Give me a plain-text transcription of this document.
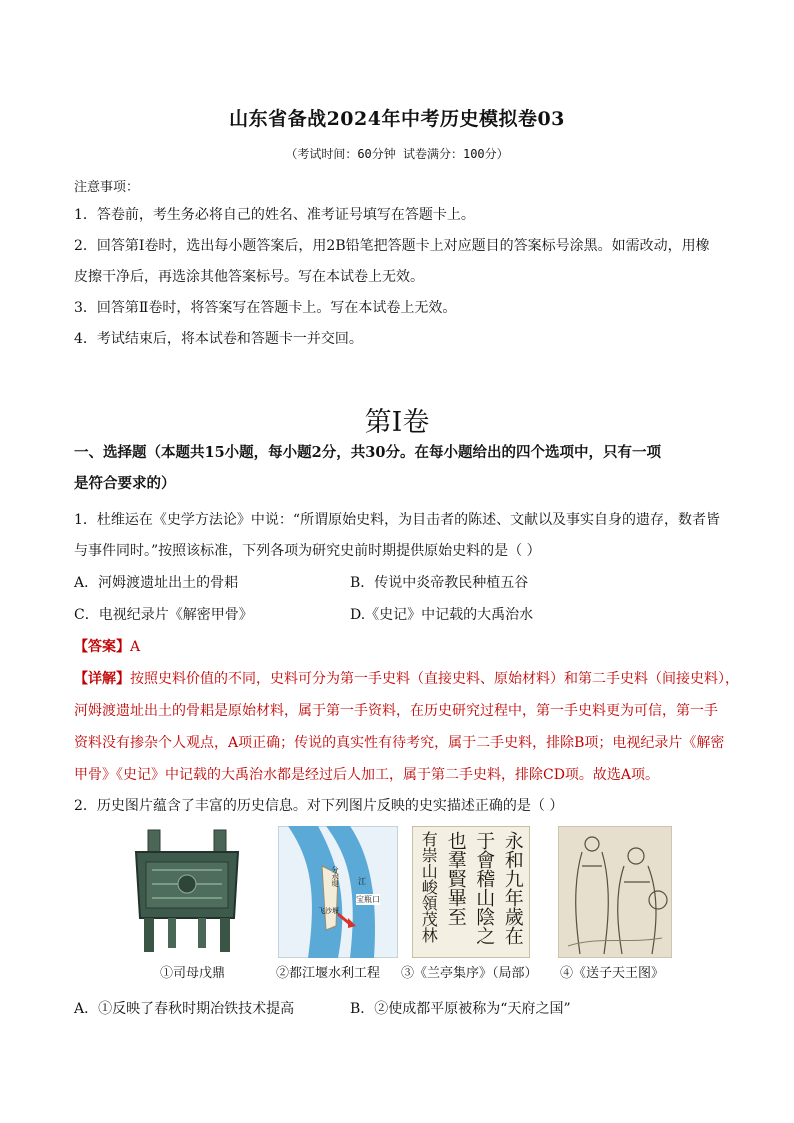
山东省备战2024年中考历史模拟卷03
（考试时间：60分钟 试卷满分：100分）
注意事项：
1．答卷前，考生务必将自己的姓名、准考证号填写在答题卡上。
2．回答第Ⅰ卷时，选出每小题答案后，用2B铅笔把答题卡上对应题目的答案标号涂黑。如需改动，用橡
皮擦干净后，再选涂其他答案标号。写在本试卷上无效。
3．回答第Ⅱ卷时，将答案写在答题卡上。写在本试卷上无效。
4．考试结束后，将本试卷和答题卡一并交回。
第Ⅰ卷
一、选择题（本题共15小题，每小题2分，共30分。在每小题给出的四个选项中，只有一项
是符合要求的）
1．杜维运在《史学方法论》中说：“所谓原始史料，为目击者的陈述、文献以及事实自身的遗存，数者皆
与事件同时。”按照该标准，下列各项为研究史前时期提供原始史料的是（ ）
A．河姆渡遗址出土的骨耜	B．传说中炎帝教民种植五谷
C．电视纪录片《解密甲骨》	D.《史记》中记载的大禹治水
【答案】A
【详解】按照史料价值的不同，史料可分为第一手史料（直接史料、原始材料）和第二手史料（间接史料），
河姆渡遗址出土的骨耜是原始材料，属于第一手资料，在历史研究过程中，第一手史料更为可信，第一手
资料没有掺杂个人观点，A项正确；传说的真实性有待考究，属于二手史料，排除B项；电视纪录片《解密
甲骨》《史记》中记载的大禹治水都是经过后人加工，属于第二手史料，排除CD项。故选A项。
2．历史图片蕴含了丰富的历史信息。对下列图片反映的史实描述正确的是（ ）
分水堤 江
宝瓶口
飞沙堰	永和九年歲在
于會稽山陰之
也羣賢畢至
有崇山峻領茂林
①司母戊鼎	②都江堰水利工程 ③《兰亭集序》（局部） ④《送子天王图》
A．①反映了春秋时期冶铁技术提高	B．②使成都平原被称为“天府之国”
